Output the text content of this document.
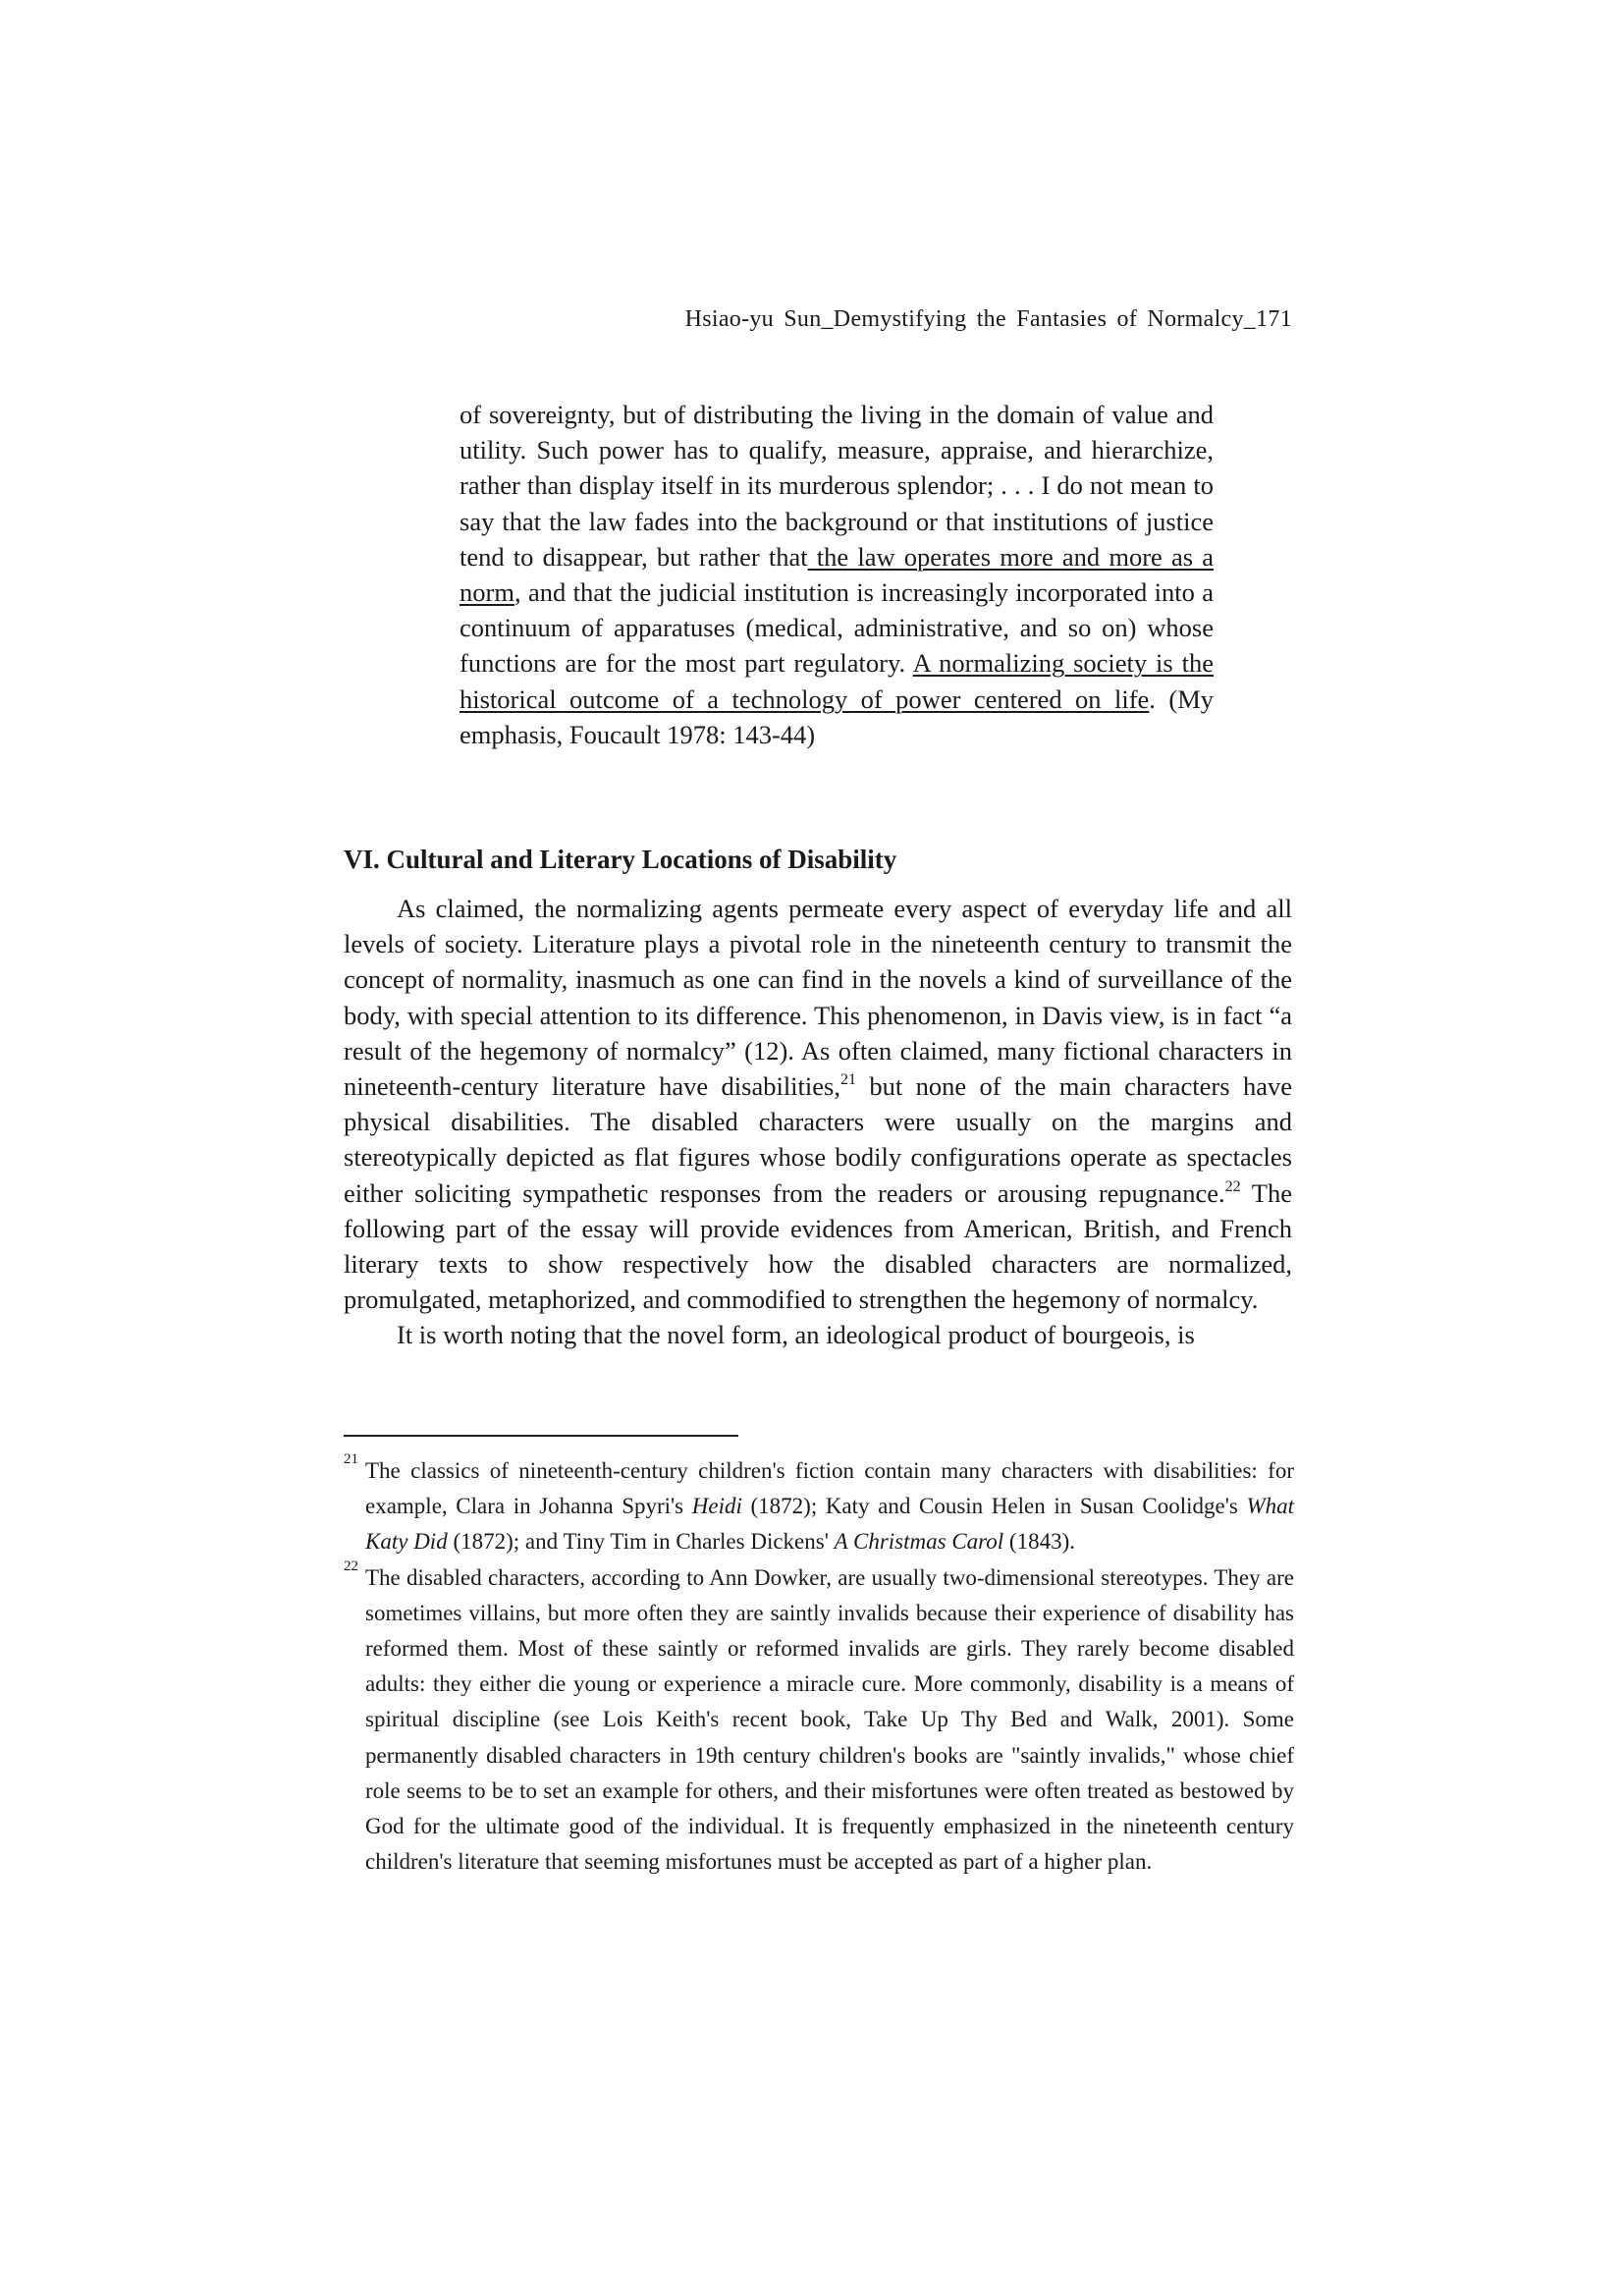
Hsiao-yu Sun_Demystifying the Fantasies of Normalcy_171

of sovereignty, but of distributing the living in the domain of value and utility. Such power has to qualify, measure, appraise, and hierarchize, rather than display itself in its murderous splendor; . . . I do not mean to say that the law fades into the background or that institutions of justice tend to disappear, but rather that the law operates more and more as a norm, and that the judicial institution is increasingly incorporated into a continuum of apparatuses (medical, administrative, and so on) whose functions are for the most part regulatory. A normalizing society is the historical outcome of a technology of power centered on life. (My emphasis, Foucault 1978: 143-44)

VI. Cultural and Literary Locations of Disability

As claimed, the normalizing agents permeate every aspect of everyday life and all levels of society. Literature plays a pivotal role in the nineteenth century to transmit the concept of normality, inasmuch as one can find in the novels a kind of surveillance of the body, with special attention to its difference. This phenomenon, in Davis view, is in fact “a result of the hegemony of normalcy” (12). As often claimed, many fictional characters in nineteenth-century literature have disabilities,$^{21}$ but none of the main characters have physical disabilities. The disabled characters were usually on the margins and stereotypically depicted as flat figures whose bodily configurations operate as spectacles either soliciting sympathetic responses from the readers or arousing repugnance.$^{22}$ The following part of the essay will provide evidences from American, British, and French literary texts to show respectively how the disabled characters are normalized, promulgated, metaphorized, and commodified to strengthen the hegemony of normalcy.

It is worth noting that the novel form, an ideological product of bourgeois, is

21 The classics of nineteenth-century children's fiction contain many characters with disabilities: for example, Clara in Johanna Spyri's Heidi (1872); Katy and Cousin Helen in Susan Coolidge's What Katy Did (1872); and Tiny Tim in Charles Dickens' A Christmas Carol (1843).

22 The disabled characters, according to Ann Dowker, are usually two-dimensional stereotypes. They are sometimes villains, but more often they are saintly invalids because their experience of disability has reformed them. Most of these saintly or reformed invalids are girls. They rarely become disabled adults: they either die young or experience a miracle cure. More commonly, disability is a means of spiritual discipline (see Lois Keith's recent book, Take Up Thy Bed and Walk, 2001). Some permanently disabled characters in 19th century children's books are "saintly invalids," whose chief role seems to be to set an example for others, and their misfortunes were often treated as bestowed by God for the ultimate good of the individual. It is frequently emphasized in the nineteenth century children's literature that seeming misfortunes must be accepted as part of a higher plan.
